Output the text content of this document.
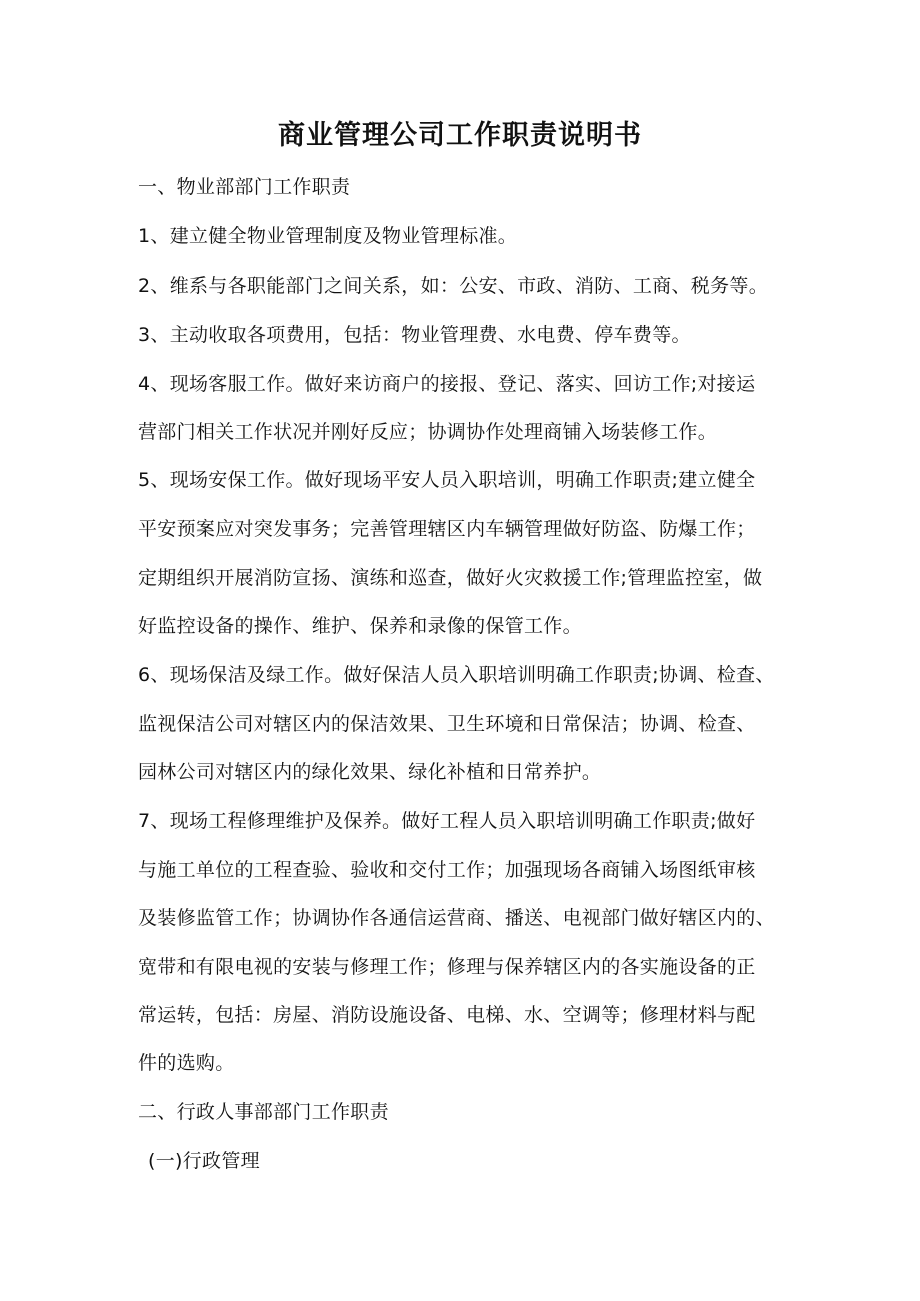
商业管理公司工作职责说明书
一、物业部部门工作职责
1、建立健全物业管理制度及物业管理标准。
2、维系与各职能部门之间关系，如：公安、市政、消防、工商、税务等。
3、主动收取各项费用，包括：物业管理费、水电费、停车费等。
4、现场客服工作。做好来访商户的接报、登记、落实、回访工作;对接运
营部门相关工作状况并刚好反应；协调协作处理商铺入场装修工作。
5、现场安保工作。做好现场平安人员入职培训，明确工作职责;建立健全
平安预案应对突发事务；完善管理辖区内车辆管理做好防盗、防爆工作；
定期组织开展消防宣扬、演练和巡查，做好火灾救援工作;管理监控室，做
好监控设备的操作、维护、保养和录像的保管工作。
6、现场保洁及绿工作。做好保洁人员入职培训明确工作职责;协调、检查、
监视保洁公司对辖区内的保洁效果、卫生环境和日常保洁；协调、检查、
园林公司对辖区内的绿化效果、绿化补植和日常养护。
7、现场工程修理维护及保养。做好工程人员入职培训明确工作职责;做好
与施工单位的工程查验、验收和交付工作；加强现场各商铺入场图纸审核
及装修监管工作；协调协作各通信运营商、播送、电视部门做好辖区内的、
宽带和有限电视的安装与修理工作；修理与保养辖区内的各实施设备的正
常运转，包括：房屋、消防设施设备、电梯、水、空调等；修理材料与配
件的选购。
二、行政人事部部门工作职责
(一)行政管理
